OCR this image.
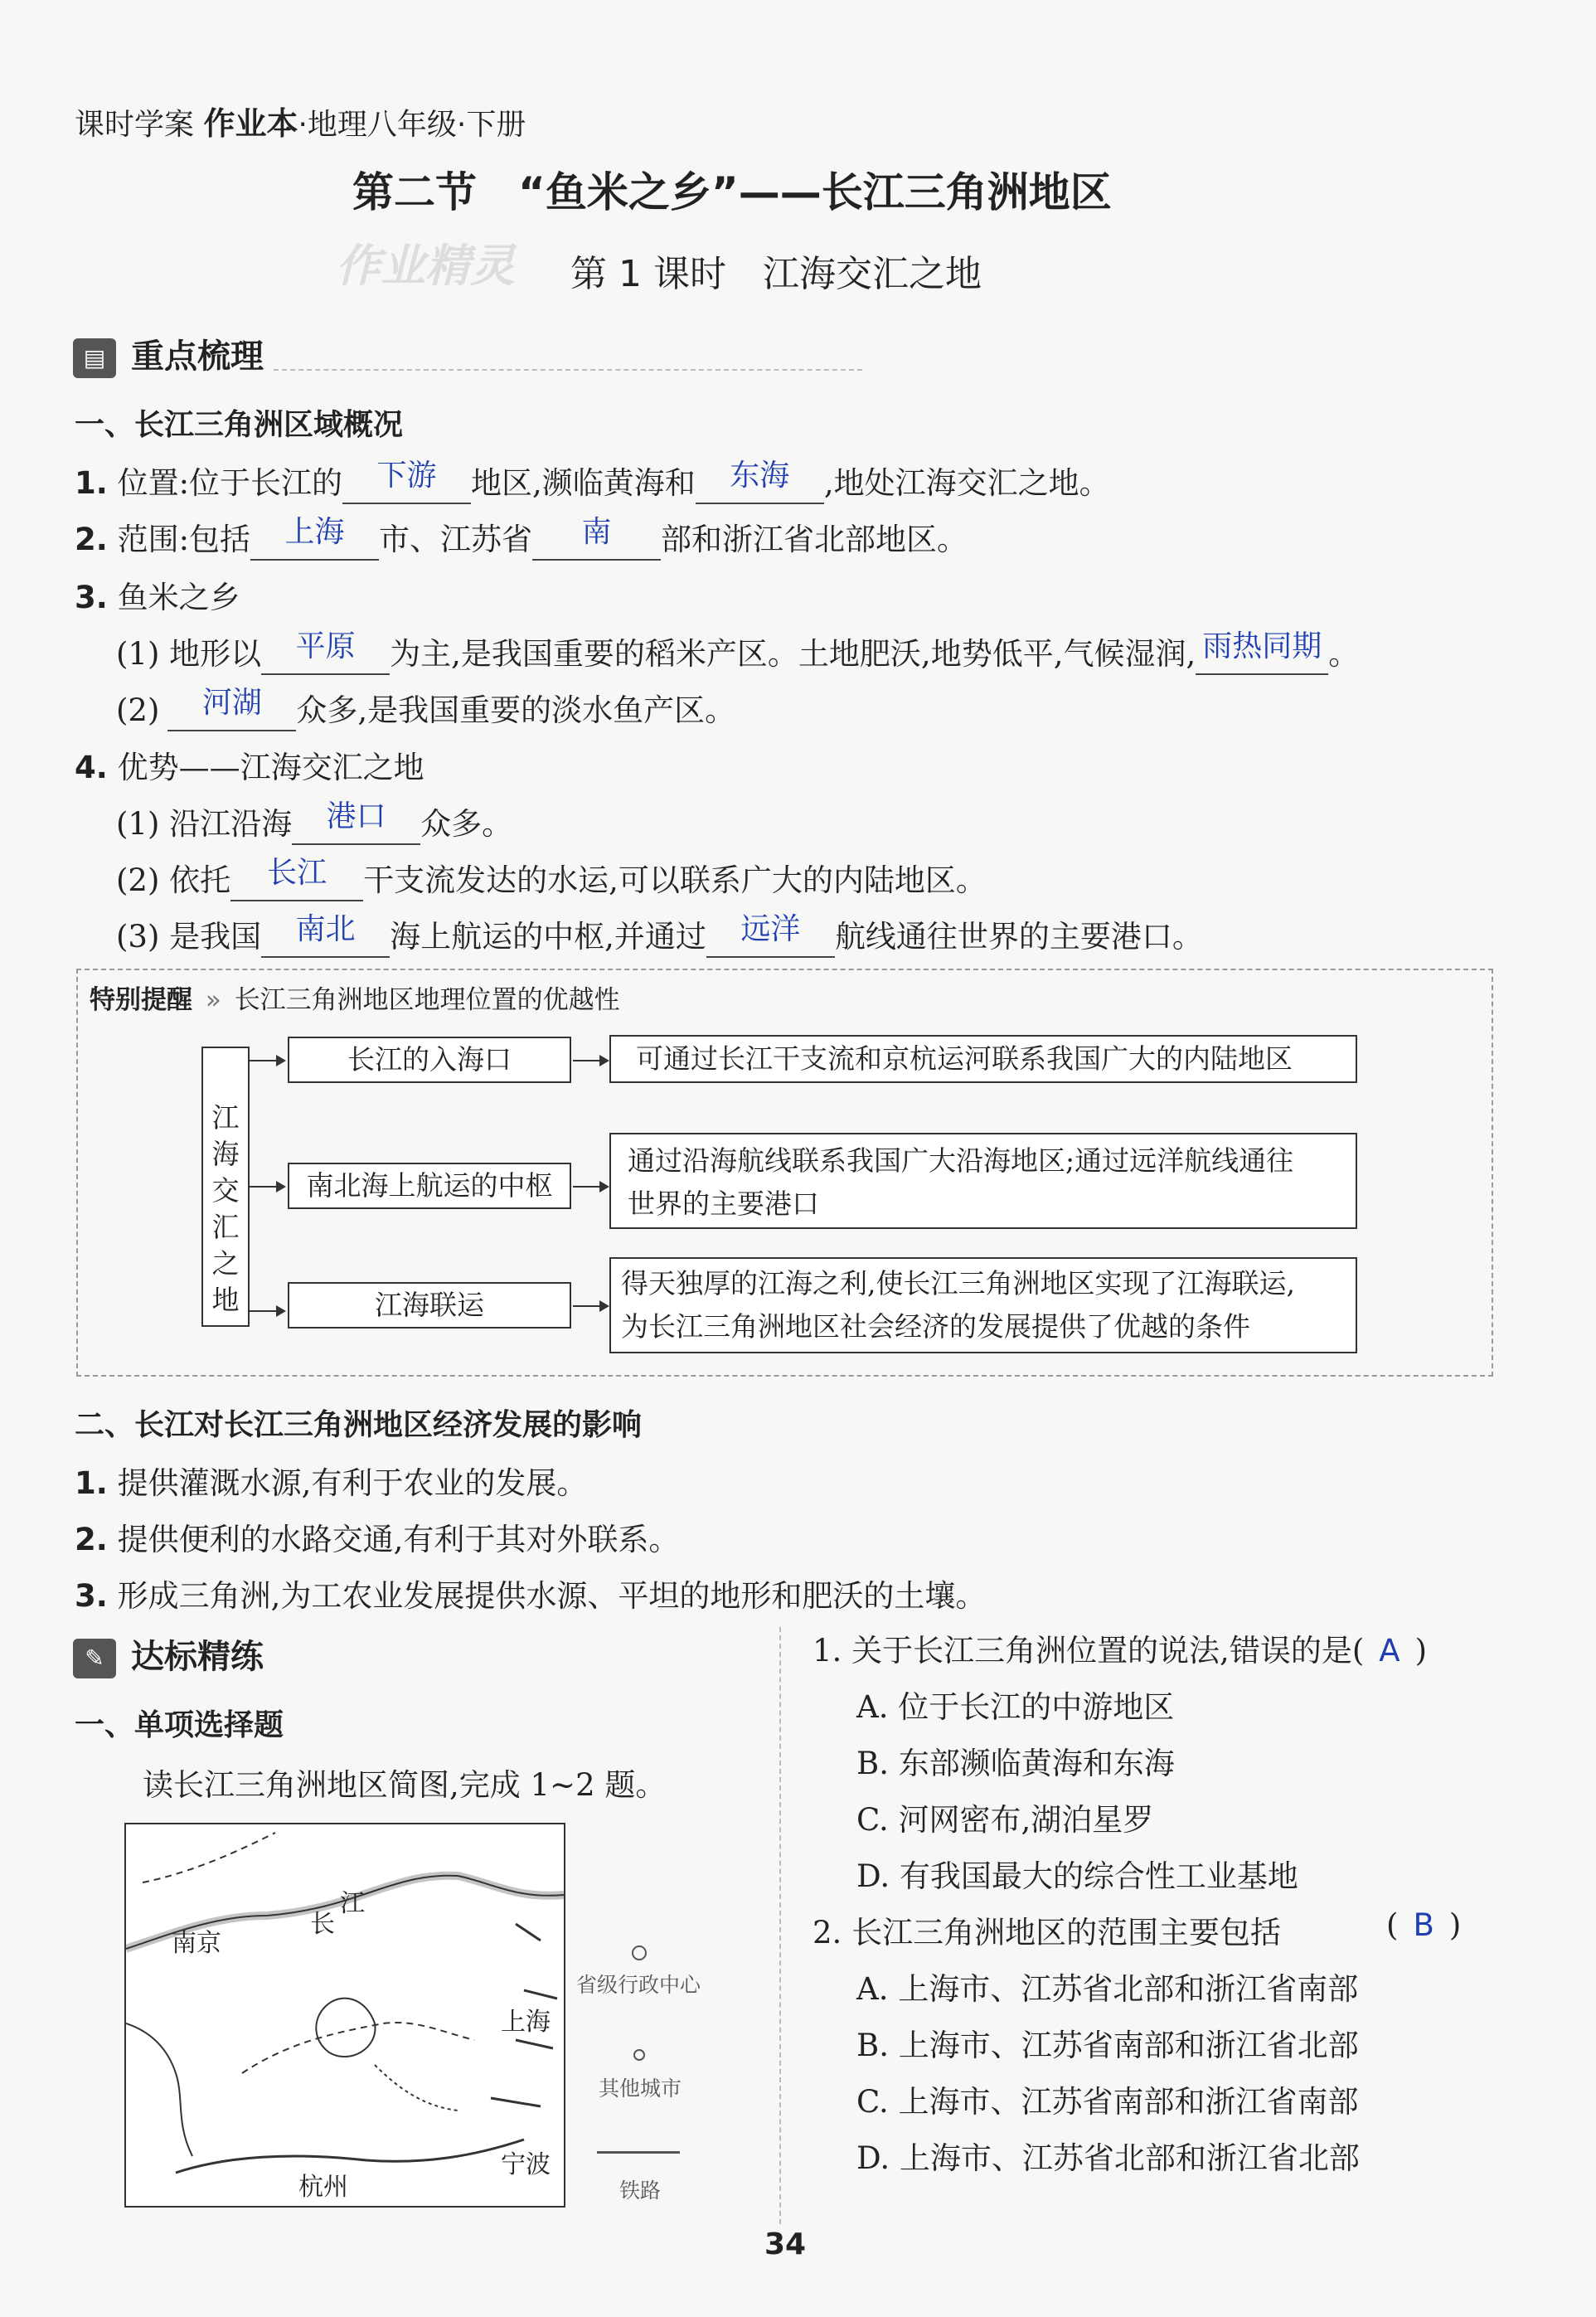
课时学案 作业本·地理八年级·下册
第二节　“鱼米之乡”——长江三角洲地区
作业精灵 第 1 课时　江海交汇之地
▤ 重点梳理
一、长江三角洲区域概况
1. 位置:位于长江的 下游 地区,濒临黄海和 东海 ,地处江海交汇之地。
2. 范围:包括 上海 市、江苏省 南 部和浙江省北部地区。
3. 鱼米之乡
(1) 地形以 平原 为主,是我国重要的稻米产区。土地肥沃,地势低平,气候湿润, 雨热同期 。
(2) 河湖 众多,是我国重要的淡水鱼产区。
4. 优势——江海交汇之地
(1) 沿江沿海 港口 众多。
(2) 依托 长江 干支流发达的水运,可以联系广大的内陆地区。
(3) 是我国 南北 海上航运的中枢,并通过 远洋 航线通往世界的主要港口。
特别提醒 » 长江三角洲地区地理位置的优越性
江海交汇之地
长江的入海口
南北海上航运的中枢
江海联运
可通过长江干支流和京杭运河联系我国广大的内陆地区
通过沿海航线联系我国广大沿海地区;通过远洋航线通往
世界的主要港口
得天独厚的江海之利,使长江三角洲地区实现了江海联运,
为长江三角洲地区社会经济的发展提供了优越的条件
二、长江对长江三角洲地区经济发展的影响
1. 提供灌溉水源,有利于农业的发展。
2. 提供便利的水路交通,有利于其对外联系。
3. 形成三角洲,为工农业发展提供水源、平坦的地形和肥沃的土壤。
✎ 达标精练
一、单项选择题
读长江三角洲地区简图,完成 1~2 题。
南京
长
江
上海
杭州
宁波
省级行政中心
其他城市
铁路
1. 关于长江三角洲位置的说法,错误的是( A )
A. 位于长江的中游地区
B. 东部濒临黄海和东海
C. 河网密布,湖泊星罗
D. 有我国最大的综合性工业基地
2. 长江三角洲地区的范围主要包括	( B )
A. 上海市、江苏省北部和浙江省南部
B. 上海市、江苏省南部和浙江省北部
C. 上海市、江苏省南部和浙江省南部
D. 上海市、江苏省北部和浙江省北部
34
